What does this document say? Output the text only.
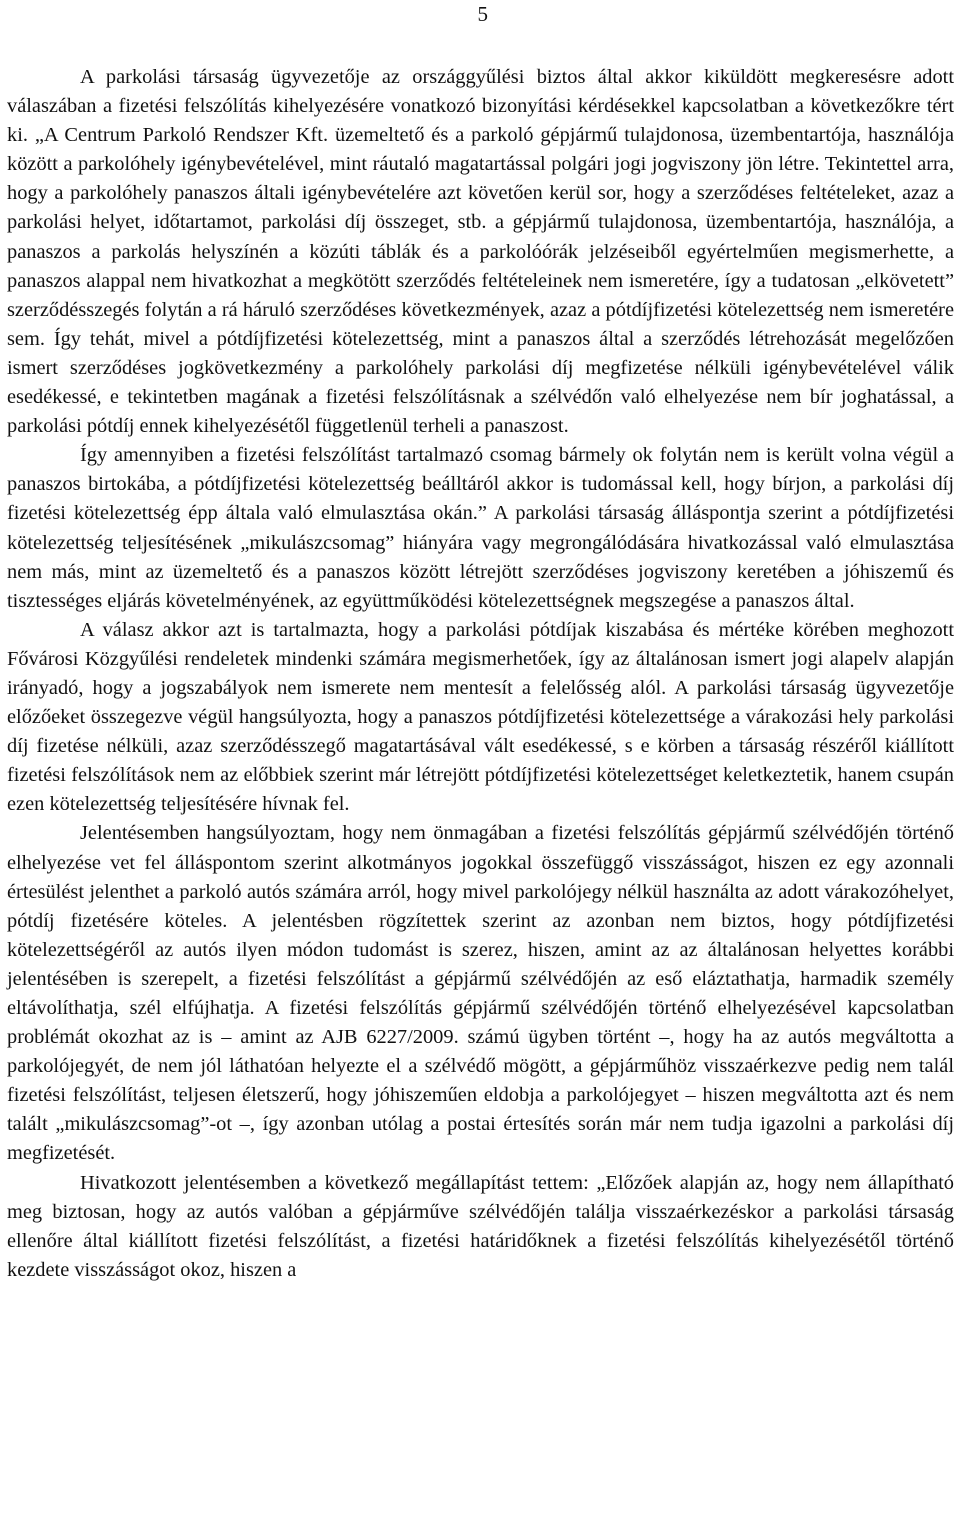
5

A parkolási társaság ügyvezetője az országgyűlési biztos által akkor kiküldött megkeresésre adott válaszában a fizetési felszólítás kihelyezésére vonatkozó bizonyítási kérdésekkel kapcsolatban a következőkre tért ki. „A Centrum Parkoló Rendszer Kft. üzemeltető és a parkoló gépjármű tulajdonosa, üzembentartója, használója között a parkolóhely igénybevételével, mint ráutaló magatartással polgári jogi jogviszony jön létre. Tekintettel arra, hogy a parkolóhely panaszos általi igénybevételére azt követően kerül sor, hogy a szerződéses feltételeket, azaz a parkolási helyet, időtartamot, parkolási díj összeget, stb. a gépjármű tulajdonosa, üzembentartója, használója, a panaszos a parkolás helyszínén a közúti táblák és a parkolóórák jelzéseiből egyértelműen megismerhette, a panaszos alappal nem hivatkozhat a megkötött szerződés feltételeinek nem ismeretére, így a tudatosan „elkövetett” szerződésszegés folytán a rá háruló szerződéses következmények, azaz a pótdíjfizetési kötelezettség nem ismeretére sem. Így tehát, mivel a pótdíjfizetési kötelezettség, mint a panaszos által a szerződés létrehozását megelőzően ismert szerződéses jogkövetkezmény a parkolóhely parkolási díj megfizetése nélküli igénybevételével válik esedékessé, e tekintetben magának a fizetési felszólításnak a szélvédőn való elhelyezése nem bír joghatással, a parkolási pótdíj ennek kihelyezésétől függetlenül terheli a panaszost.

Így amennyiben a fizetési felszólítást tartalmazó csomag bármely ok folytán nem is került volna végül a panaszos birtokába, a pótdíjfizetési kötelezettség beálltáról akkor is tudomással kell, hogy bírjon, a parkolási díj fizetési kötelezettség épp általa való elmulasztása okán.” A parkolási társaság álláspontja szerint a pótdíjfizetési kötelezettség teljesítésének „mikulászcsomag” hiányára vagy megrongálódására hivatkozással való elmulasztása nem más, mint az üzemeltető és a panaszos között létrejött szerződéses jogviszony keretében a jóhiszemű és tisztességes eljárás követelményének, az együttműködési kötelezettségnek megszegése a panaszos által.

A válasz akkor azt is tartalmazta, hogy a parkolási pótdíjak kiszabása és mértéke körében meghozott Fővárosi Közgyűlési rendeletek mindenki számára megismerhetőek, így az általánosan ismert jogi alapelv alapján irányadó, hogy a jogszabályok nem ismerete nem mentesít a felelősség alól. A parkolási társaság ügyvezetője előzőeket összegezve végül hangsúlyozta, hogy a panaszos pótdíjfizetési kötelezettsége a várakozási hely parkolási díj fizetése nélküli, azaz szerződésszegő magatartásával vált esedékessé, s e körben a társaság részéről kiállított fizetési felszólítások nem az előbbiek szerint már létrejött pótdíjfizetési kötelezettséget keletkeztetik, hanem csupán ezen kötelezettség teljesítésére hívnak fel.

Jelentésemben hangsúlyoztam, hogy nem önmagában a fizetési felszólítás gépjármű szélvédőjén történő elhelyezése vet fel álláspontom szerint alkotmányos jogokkal összefüggő visszásságot, hiszen ez egy azonnali értesülést jelenthet a parkoló autós számára arról, hogy mivel parkolójegy nélkül használta az adott várakozóhelyet, pótdíj fizetésére köteles. A jelentésben rögzítettek szerint az azonban nem biztos, hogy pótdíjfizetési kötelezettségéről az autós ilyen módon tudomást is szerez, hiszen, amint az az általánosan helyettes korábbi jelentésében is szerepelt, a fizetési felszólítást a gépjármű szélvédőjén az eső eláztathatja, harmadik személy eltávolíthatja, szél elfújhatja. A fizetési felszólítás gépjármű szélvédőjén történő elhelyezésével kapcsolatban problémát okozhat az is – amint az AJB 6227/2009. számú ügyben történt –, hogy ha az autós megváltotta a parkolójegyét, de nem jól láthatóan helyezte el a szélvédő mögött, a gépjárműhöz visszaérkezve pedig nem talál fizetési felszólítást, teljesen életszerű, hogy jóhiszeműen eldobja a parkolójegyet – hiszen megváltotta azt és nem talált „mikulászcsomag”-ot –, így azonban utólag a postai értesítés során már nem tudja igazolni a parkolási díj megfizetését.

Hivatkozott jelentésemben a következő megállapítást tettem: „Előzőek alapján az, hogy nem állapítható meg biztosan, hogy az autós valóban a gépjárműve szélvédőjén találja visszaérkezéskor a parkolási társaság ellenőre által kiállított fizetési felszólítást, a fizetési határidőknek a fizetési felszólítás kihelyezésétől történő kezdete visszásságot okoz, hiszen a
